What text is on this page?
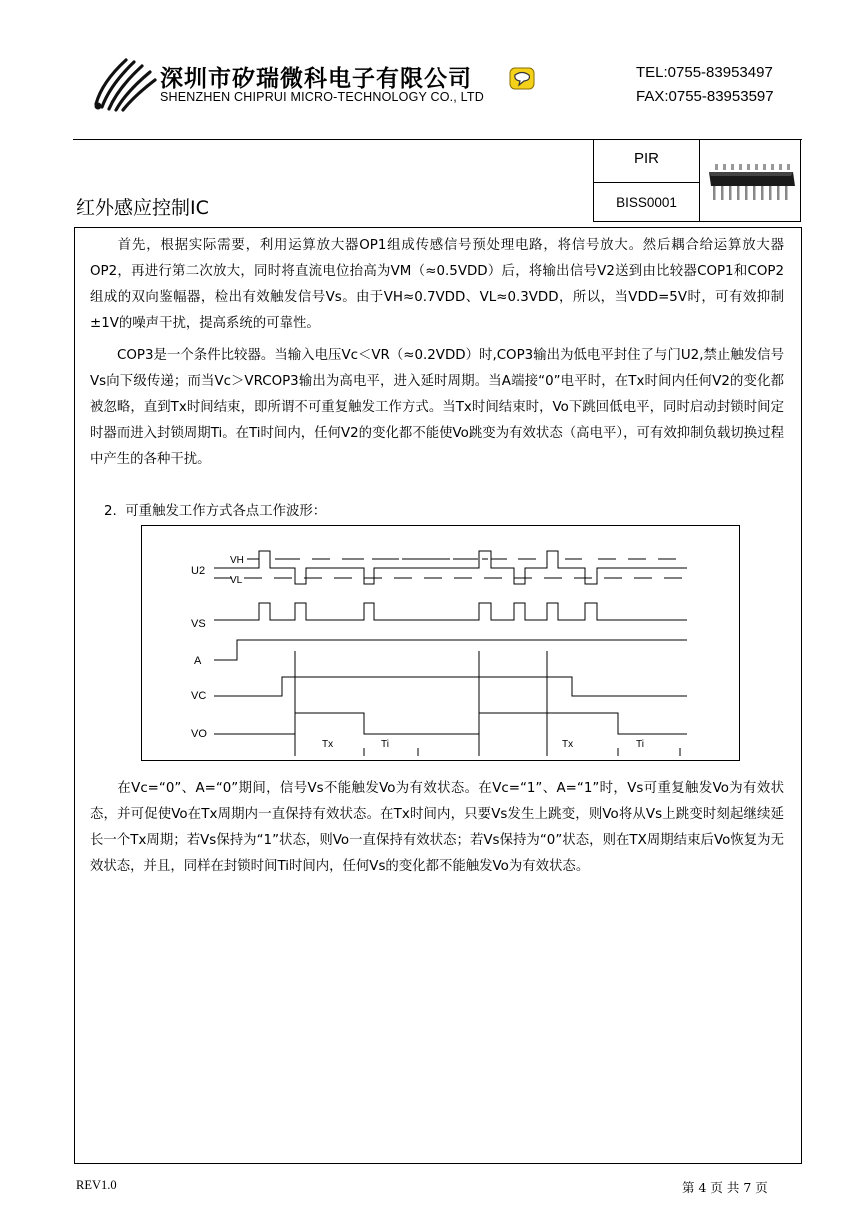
深圳市矽瑞微科电子有限公司
SHENZHEN CHIPRUI MICRO-TECHNOLOGY CO., LTD
TEL:0755-83953497
FAX:0755-83953597
PIR
BISS0001
红外感应控制IC
首先，根据实际需要，利用运算放大器OP1组成传感信号预处理电路，将信号放大。然后耦合给运算放大器OP2，再进行第二次放大，同时将直流电位抬高为VM（≈0.5VDD）后，将输出信号V2送到由比较器COP1和COP2组成的双向鉴幅器，检出有效触发信号Vs。由于VH≈0.7VDD、VL≈0.3VDD，所以，当VDD=5V时，可有效抑制±1V的噪声干扰，提高系统的可靠性。
COP3是一个条件比较器。当输入电压Vc＜VR（≈0.2VDD）时,COP3输出为低电平封住了与门U2,禁止触发信号Vs向下级传递；而当Vc＞VRCOP3输出为高电平，进入延时周期。当A端接“0”电平时，在Tx时间内任何V2的变化都被忽略，直到Tx时间结束，即所谓不可重复触发工作方式。当Tx时间结束时，Vo下跳回低电平，同时启动封锁时间定时器而进入封锁周期Ti。在Ti时间内，任何V2的变化都不能使Vo跳变为有效状态（高电平），可有效抑制负载切换过程中产生的各种干扰。
2.  可重触发工作方式各点工作波形：
U2
VS
A
VC
VO
VH
VL
Tx	Ti	Tx	Ti
在Vc=“0”、A=“0”期间，信号Vs不能触发Vo为有效状态。在Vc=“1”、A=“1”时，Vs可重复触发Vo为有效状态，并可促使Vo在Tx周期内一直保持有效状态。在Tx时间内，只要Vs发生上跳变，则Vo将从Vs上跳变时刻起继续延长一个Tx周期；若Vs保持为“1”状态，则Vo一直保持有效状态；若Vs保持为“0”状态，则在TX周期结束后Vo恢复为无效状态，并且，同样在封锁时间Ti时间内，任何Vs的变化都不能触发Vo为有效状态。
REV1.0	第 4 页 共 7 页
